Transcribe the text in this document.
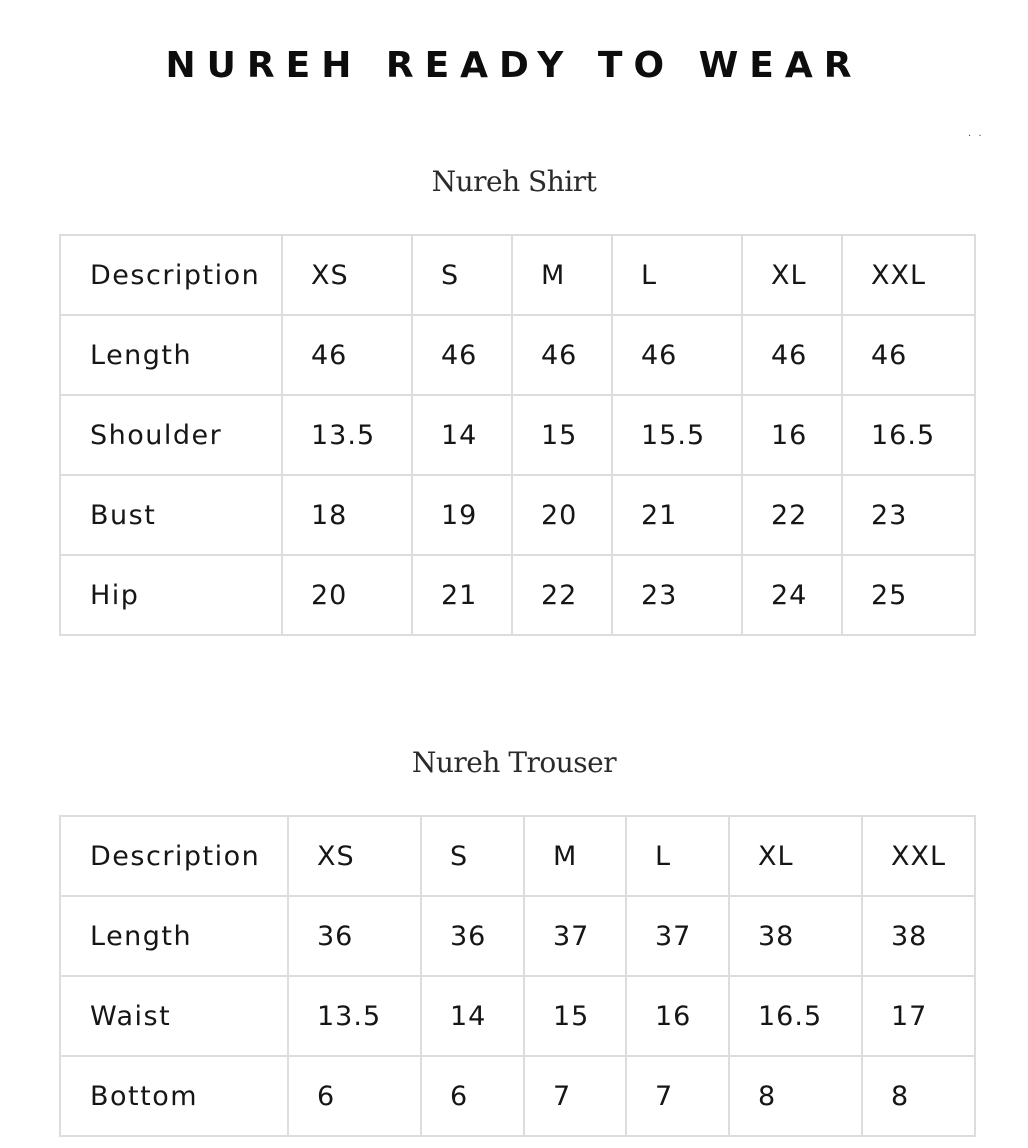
NUREH READY TO WEAR
. .
Nureh Shirt
Description	XS	S	M	L	XL	XXL
Length	46	46	46	46	46	46
Shoulder	13.5	14	15	15.5	16	16.5
Bust	18	19	20	21	22	23
Hip	20	21	22	23	24	25
Nureh Trouser
Description	XS	S	M	L	XL	XXL
Length	36	36	37	37	38	38
Waist	13.5	14	15	16	16.5	17
Bottom	6	6	7	7	8	8
